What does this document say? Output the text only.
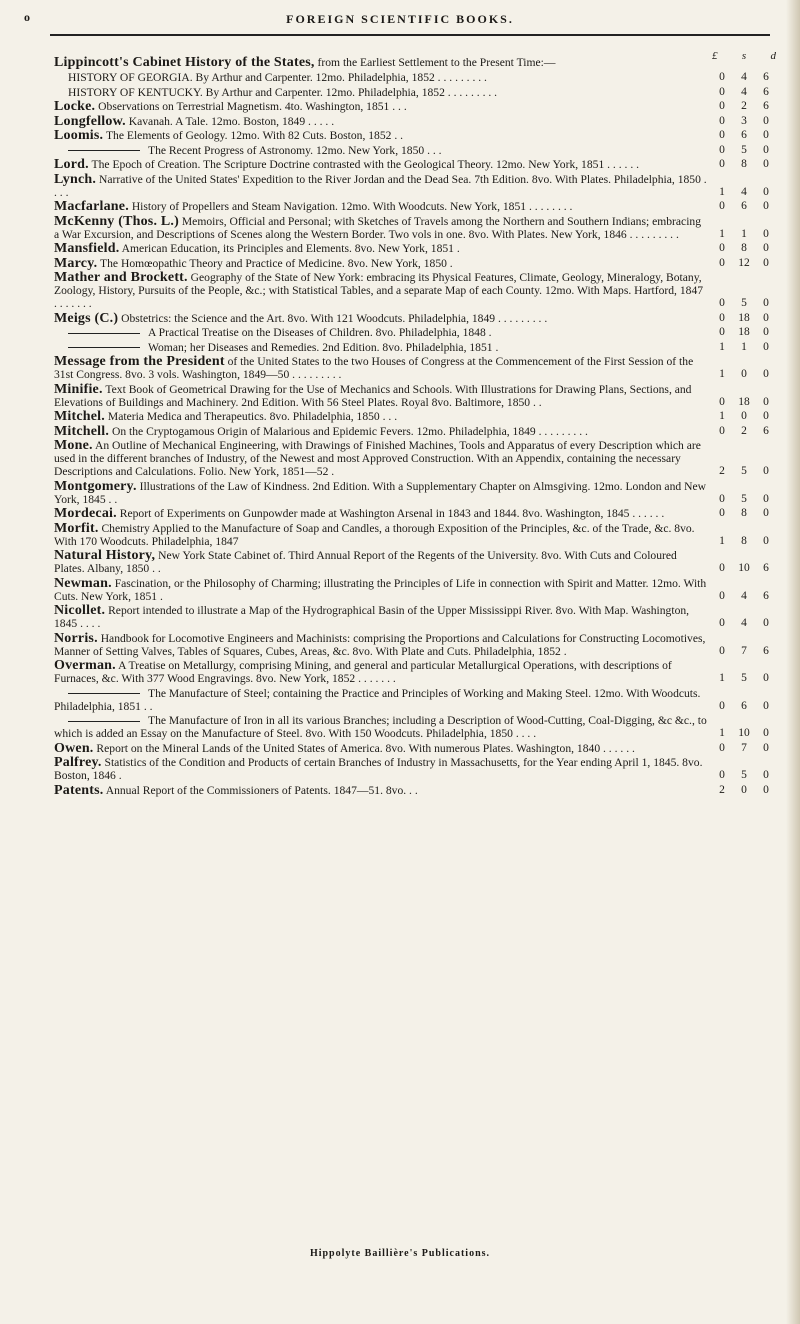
o	FOREIGN SCIENTIFIC BOOKS.
£ s d
Lippincott's Cabinet History of the States, from the Earliest Settlement to the Present Time:—
HISTORY OF GEORGIA. By Arthur and Carpenter. 12mo. Philadelphia, 1852 . . . . . . . . .	0	4	6
HISTORY OF KENTUCKY. By Arthur and Carpenter. 12mo. Philadelphia, 1852 . . . . . . . . .	0	4	6
Locke. Observations on Terrestrial Magnetism. 4to. Washington, 1851 . . .	0	2	6
Longfellow. Kavanah. A Tale. 12mo. Boston, 1849 . . . . .	0	3	0
Loomis. The Elements of Geology. 12mo. With 82 Cuts. Boston, 1852 . .	0	6	0
The Recent Progress of Astronomy. 12mo. New York, 1850 . . .	0	5	0
Lord. The Epoch of Creation. The Scripture Doctrine contrasted with the Geological Theory. 12mo. New York, 1851 . . . . . .	0	8	0
Lynch. Narrative of the United States' Expedition to the River Jordan and the Dead Sea. 7th Edition. 8vo. With Plates. Philadelphia, 1850 . . . .	1	4	0
Macfarlane. History of Propellers and Steam Navigation. 12mo. With Woodcuts. New York, 1851 . . . . . . . .	0	6	0
McKenny (Thos. L.) Memoirs, Official and Personal; with Sketches of Travels among the Northern and Southern Indians; embracing a War Excursion, and Descriptions of Scenes along the Western Border. Two vols in one. 8vo. With Plates. New York, 1846 . . . . . . . . .	1	1	0
Mansfield. American Education, its Principles and Elements. 8vo. New York, 1851 .	0	8	0
Marcy. The Homœopathic Theory and Practice of Medicine. 8vo. New York, 1850 .	0	12	0
Mather and Brockett. Geography of the State of New York: embracing its Physical Features, Climate, Geology, Mineralogy, Botany, Zoology, History, Pursuits of the People, &c.; with Statistical Tables, and a separate Map of each County. 12mo. With Maps. Hartford, 1847 . . . . . . .	0	5	0
Meigs (C.) Obstetrics: the Science and the Art. 8vo. With 121 Woodcuts. Philadelphia, 1849 . . . . . . . . .	0	18	0
A Practical Treatise on the Diseases of Children. 8vo. Philadelphia, 1848 .	0	18	0
Woman; her Diseases and Remedies. 2nd Edition. 8vo. Philadelphia, 1851 .	1	1	0
Message from the President of the United States to the two Houses of Congress at the Commencement of the First Session of the 31st Congress. 8vo. 3 vols. Washington, 1849—50 . . . . . . . . .	1	0	0
Minifie. Text Book of Geometrical Drawing for the Use of Mechanics and Schools. With Illustrations for Drawing Plans, Sections, and Elevations of Buildings and Machinery. 2nd Edition. With 56 Steel Plates. Royal 8vo. Baltimore, 1850 . .	0	18	0
Mitchel. Materia Medica and Therapeutics. 8vo. Philadelphia, 1850 . . .	1	0	0
Mitchell. On the Cryptogamous Origin of Malarious and Epidemic Fevers. 12mo. Philadelphia, 1849 . . . . . . . . .	0	2	6
Mone. An Outline of Mechanical Engineering, with Drawings of Finished Machines, Tools and Apparatus of every Description which are used in the different branches of Industry, of the Newest and most Approved Construction. With an Appendix, containing the necessary Descriptions and Calculations. Folio. New York, 1851—52 .	2	5	0
Montgomery. Illustrations of the Law of Kindness. 2nd Edition. With a Supplementary Chapter on Almsgiving. 12mo. London and New York, 1845 . .	0	5	0
Mordecai. Report of Experiments on Gunpowder made at Washington Arsenal in 1843 and 1844. 8vo. Washington, 1845 . . . . . .	0	8	0
Morfit. Chemistry Applied to the Manufacture of Soap and Candles, a thorough Exposition of the Principles, &c. of the Trade, &c. 8vo. With 170 Woodcuts. Philadelphia, 1847	1	8	0
Natural History, New York State Cabinet of. Third Annual Report of the Regents of the University. 8vo. With Cuts and Coloured Plates. Albany, 1850 . .	0	10	6
Newman. Fascination, or the Philosophy of Charming; illustrating the Principles of Life in connection with Spirit and Matter. 12mo. With Cuts. New York, 1851 .	0	4	6
Nicollet. Report intended to illustrate a Map of the Hydrographical Basin of the Upper Mississippi River. 8vo. With Map. Washington, 1845 . . . .	0	4	0
Norris. Handbook for Locomotive Engineers and Machinists: comprising the Proportions and Calculations for Constructing Locomotives, Manner of Setting Valves, Tables of Squares, Cubes, Areas, &c. 8vo. With Plate and Cuts. Philadelphia, 1852 .	0	7	6
Overman. A Treatise on Metallurgy, comprising Mining, and general and particular Metallurgical Operations, with descriptions of Furnaces, &c. With 377 Wood Engravings. 8vo. New York, 1852 . . . . . . .	1	5	0
The Manufacture of Steel; containing the Practice and Principles of Working and Making Steel. 12mo. With Woodcuts. Philadelphia, 1851 . .	0	6	0
The Manufacture of Iron in all its various Branches; including a Description of Wood-Cutting, Coal-Digging, &c &c., to which is added an Essay on the Manufacture of Steel. 8vo. With 150 Woodcuts. Philadelphia, 1850 . . . .	1	10	0
Owen. Report on the Mineral Lands of the United States of America. 8vo. With numerous Plates. Washington, 1840 . . . . . .	0	7	0
Palfrey. Statistics of the Condition and Products of certain Branches of Industry in Massachusetts, for the Year ending April 1, 1845. 8vo. Boston, 1846 .	0	5	0
Patents. Annual Report of the Commissioners of Patents. 1847—51. 8vo. . .	2	0	0
Hippolyte Baillière's Publications.
